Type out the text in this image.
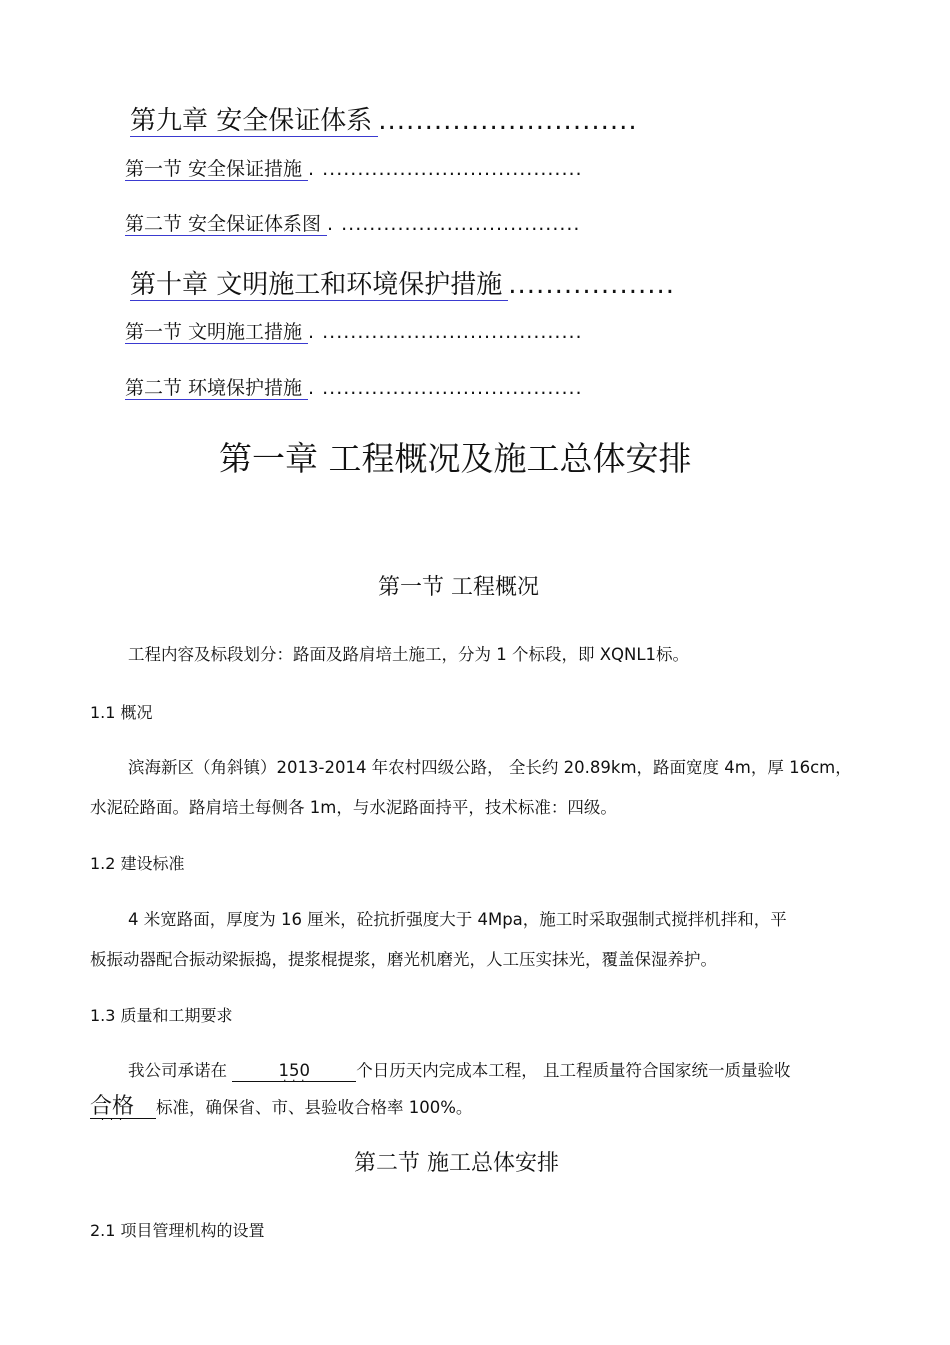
第九章 安全保证体系 ............................
第一节 安全保证措施 . .....................................
第二节 安全保证体系图 . ..................................
第十章 文明施工和环境保护措施 ..................
第一节 文明施工措施 . .....................................
第二节 环境保护措施 . .....................................
第一章 工程概况及施工总体安排
第一节 工程概况
工程内容及标段划分：路面及路肩培土施工，分为 1 个标段，即 XQNL1标。
1.1 概况
滨海新区（角斜镇）2013-2014 年农村四级公路， 全长约 20.89km，路面宽度 4m，厚 16cm，
水泥砼路面。路肩培土每侧各 1m，与水泥路面持平，技术标准：四级。
1.2 建设标准
4 米宽路面，厚度为 16 厘米，砼抗折强度大于 4Mpa，施工时采取强制式搅拌机拌和，平
板振动器配合振动梁振捣，提浆棍提浆，磨光机磨光，人工压实抹光，覆盖保湿养护。
1.3 质量和工期要求
我公司承诺在	150 · · ·	个日历天内完成本工程， 且工程质量符合国家统一质量验收
合格 · · · 标准，确保省、市、县验收合格率 100%。
第二节 施工总体安排
2.1 项目管理机构的设置
